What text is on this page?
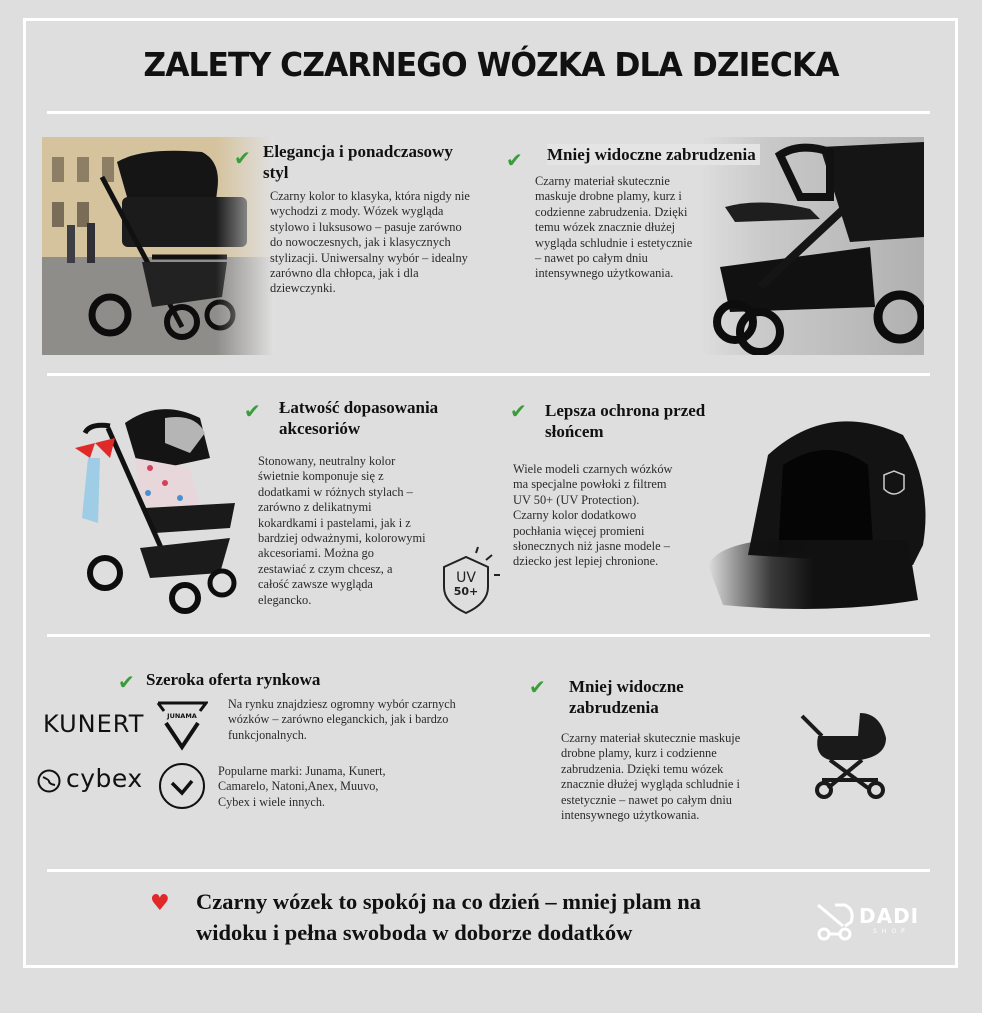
ZALETY CZARNEGO WÓZKA DLA DZIECKA
✔ Elegancja i ponadczasowy
styl
Czarny kolor to klasyka, która nigdy nie
wychodzi z mody. Wózek wygląda
stylowo i luksusowo – pasuje zarówno
do nowoczesnych, jak i klasycznych
stylizacji. Uniwersalny wybór – idealny
zarówno dla chłopca, jak i dla
dziewczynki.
✔ Mniej widoczne zabrudzenia
Czarny materiał skutecznie
maskuje drobne plamy, kurz i
codzienne zabrudzenia. Dzięki
temu wózek znacznie dłużej
wygląda schludnie i estetycznie
– nawet po całym dniu
intensywnego użytkowania.
✔ Łatwość dopasowania
akcesoriów
Stonowany, neutralny kolor
świetnie komponuje się z
dodatkami w różnych stylach –
zarówno z delikatnymi
kokardkami i pastelami, jak i z
bardziej odważnymi, kolorowymi
akcesoriami. Można go
zestawiać z czym chcesz, a
całość zawsze wygląda
elegancko.
✔ Lepsza ochrona przed
słońcem
Wiele modeli czarnych wózków
ma specjalne powłoki z filtrem
UV 50+ (UV Protection).
Czarny kolor dodatkowo
pochłania więcej promieni
słonecznych niż jasne modele –
dziecko jest lepiej chronione.
UV
50+
✔ Szeroka oferta rynkowa
KUNERT	JUNAMA
cybex
Na rynku znajdziesz ogromny wybór czarnych
wózków – zarówno eleganckich, jak i bardzo
funkcjonalnych.
Popularne marki: Junama, Kunert,
Camarelo, Natoni,Anex, Muuvo,
Cybex i wiele innych.
✔ Mniej widoczne
zabrudzenia
Czarny materiał skutecznie maskuje
drobne plamy, kurz i codzienne
zabrudzenia. Dzięki temu wózek
znacznie dłużej wygląda schludnie i
estetycznie – nawet po całym dniu
intensywnego użytkowania.
♥ Czarny wózek to spokój na co dzień – mniej plam na
widoku i pełna swoboda w doborze dodatków
DADI
SHOP
